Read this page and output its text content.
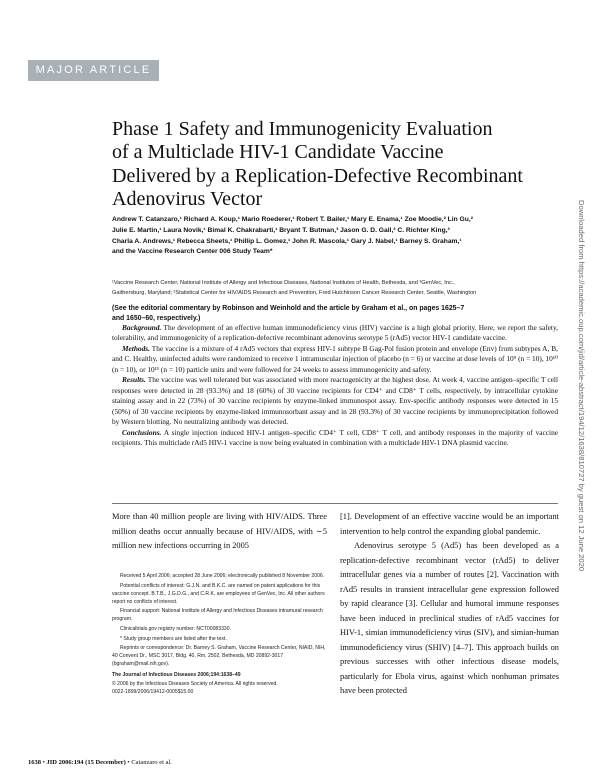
MAJOR ARTICLE
Phase 1 Safety and Immunogenicity Evaluation
of a Multiclade HIV-1 Candidate Vaccine
Delivered by a Replication-Defective Recombinant
Adenovirus Vector
Andrew T. Catanzaro,¹ Richard A. Koup,¹ Mario Roederer,¹ Robert T. Bailer,¹ Mary E. Enama,¹ Zoe Moodie,² Lin Gu,²
Julie E. Martin,¹ Laura Novik,¹ Bimal K. Chakrabarti,¹ Bryant T. Butman,³ Jason G. D. Gall,³ C. Richter King,³
Charla A. Andrews,¹ Rebecca Sheets,¹ Phillip L. Gomez,¹ John R. Mascola,¹ Gary J. Nabel,¹ Barney S. Graham,¹
and the Vaccine Research Center 006 Study Team*
¹Vaccine Research Center, National Institute of Allergy and Infectious Diseases, National Institutes of Health, Bethesda, and ³GenVec, Inc.,
Gaithersburg, Maryland; ²Statistical Center for HIV/AIDS Research and Prevention, Fred Hutchinson Cancer Research Center, Seattle, Washington
(See the editorial commentary by Robinson and Weinhold and the article by Graham et al., on pages 1625–7
and 1650–60, respectively.)

Background. The development of an effective human immunodeficiency virus (HIV) vaccine is a high global priority. Here, we report the safety, tolerability, and immunogenicity of a replication-defective recombinant adenovirus serotype 5 (rAd5) vector HIV-1 candidate vaccine.

Methods. The vaccine is a mixture of 4 rAd5 vectors that express HIV-1 subtype B Gag-Pol fusion protein and envelope (Env) from subtypes A, B, and C. Healthy, uninfected adults were randomized to receive 1 intramuscular injection of placebo (n = 6) or vaccine at dose levels of 10⁹ (n = 10), 10¹⁰ (n = 10), or 10¹¹ (n = 10) particle units and were followed for 24 weeks to assess immunogenicity and safety.

Results. The vaccine was well tolerated but was associated with more reactogenicity at the highest dose. At week 4, vaccine antigen–specific T cell responses were detected in 28 (93.3%) and 18 (60%) of 30 vaccine recipients for CD4⁺ and CD8⁺ T cells, respectively, by intracellular cytokine staining assay and in 22 (73%) of 30 vaccine recipients by enzyme-linked immunospot assay. Env-specific antibody responses were detected in 15 (50%) of 30 vaccine recipients by enzyme-linked immunosorbant assay and in 28 (93.3%) of 30 vaccine recipients by immunoprecipitation followed by Western blotting. No neutralizing antibody was detected.

Conclusions. A single injection induced HIV-1 antigen–specific CD4⁺ T cell, CD8⁺ T cell, and antibody responses in the majority of vaccine recipients. This multiclade rAd5 HIV-1 vaccine is now being evaluated in combination with a multiclade HIV-1 DNA plasmid vaccine.

More than 40 million people are living with HIV/AIDS. Three million deaths occur annually because of HIV/AIDS, with ∼5 million new infections occurring in 2005

Received 5 April 2006; accepted 28 June 2006; electronically published 8 November 2006.

Potential conflicts of interest: G.J.N. and B.K.C. are named on patent applications for this vaccine concept. B.T.B., J.G.D.G., and C.R.K. are employees of GenVec, Inc. All other authors report no conflicts of interest.

Financial support: National Institute of Allergy and Infectious Diseases intramural research program.

Clinicaltrials.gov registry number: NCT00083330.

* Study group members are listed after the text.

Reprints or correspondence: Dr. Barney S. Graham, Vaccine Research Center, NIAID, NIH, 40 Convent Dr., MSC 3017, Bldg. 40, Rm. 2502, Bethesda, MD 20892-3017 (bgraham@mail.nih.gov).

The Journal of Infectious Diseases 2006;194:1638–49

© 2006 by the Infectious Diseases Society of America. All rights reserved.

0022-1899/2006/19412-0005$15.00

[1]. Development of an effective vaccine would be an important intervention to help control the expanding global pandemic.

Adenovirus serotype 5 (Ad5) has been developed as a replication-defective recombinant vector (rAd5) to deliver intracellular genes via a number of routes [2]. Vaccination with rAd5 results in transient intracellular gene expression followed by rapid clearance [3]. Cellular and humoral immune responses have been induced in preclinical studies of rAd5 vaccines for HIV-1, simian immunodeficiency virus (SIV), and simian-human immunodeficiency virus (SHIV) [4–7]. This approach builds on previous successes with other infectious disease models, particularly for Ebola virus, against which nonhuman primates have been protected

Downloaded from https://academic.oup.com/jid/article-abstract/194/12/1638/810727 by guest on 12 June 2020
1638 • JID 2006:194 (15 December) • Catanzaro et al.
